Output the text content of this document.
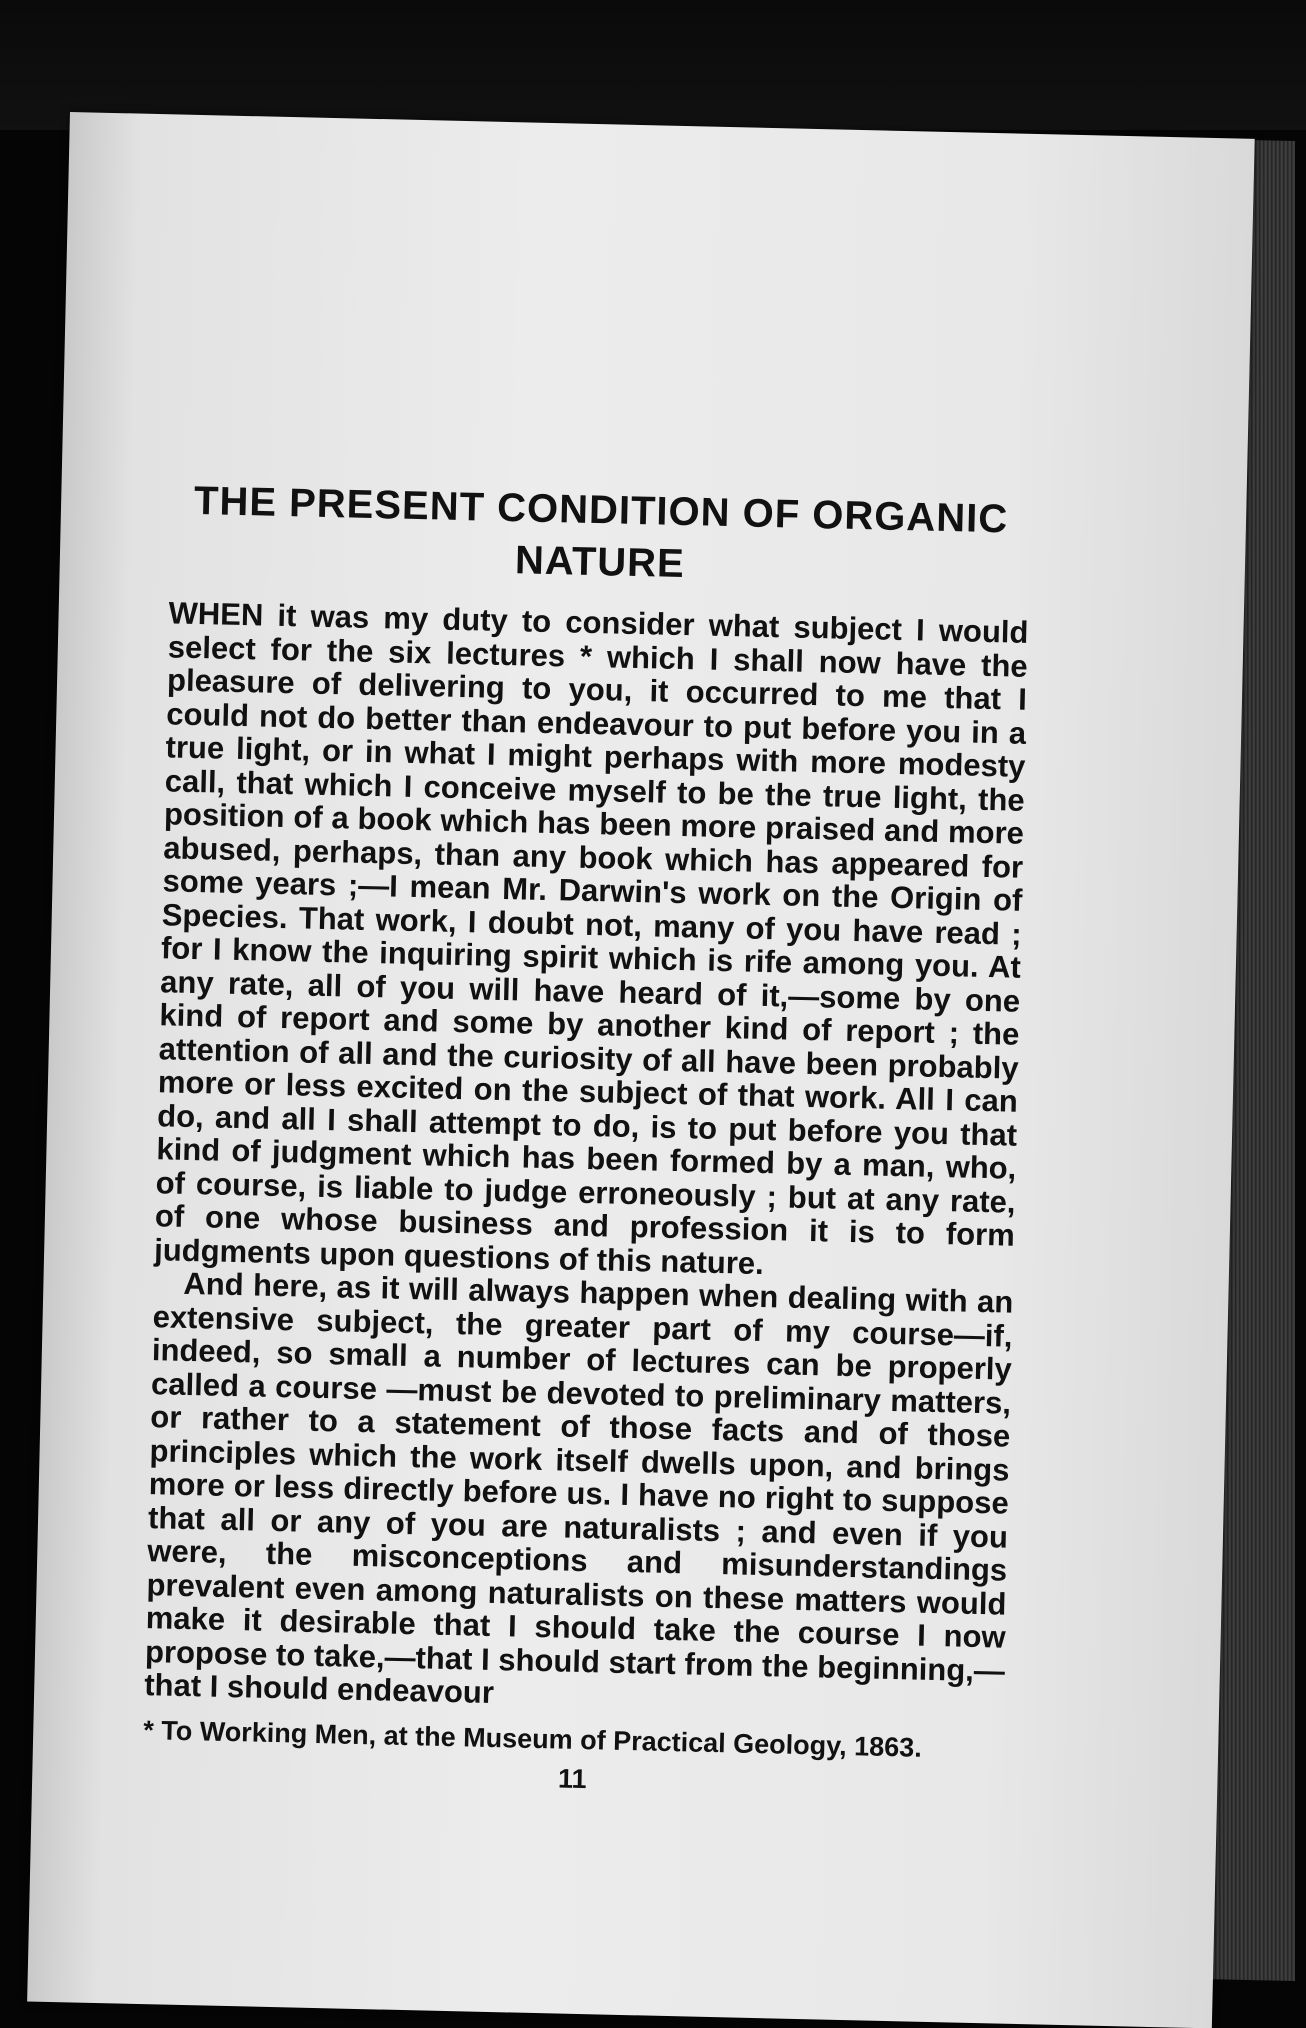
THE PRESENT CONDITION OF ORGANIC NATURE

WHEN it was my duty to consider what subject I would select for the six lectures * which I shall now have the pleasure of delivering to you, it occurred to me that I could not do better than endeavour to put before you in a true light, or in what I might perhaps with more modesty call, that which I conceive myself to be the true light, the position of a book which has been more praised and more abused, perhaps, than any book which has appeared for some years ;—I mean Mr. Darwin's work on the Origin of Species. That work, I doubt not, many of you have read ; for I know the inquiring spirit which is rife among you. At any rate, all of you will have heard of it,—some by one kind of report and some by another kind of report ; the attention of all and the curiosity of all have been probably more or less excited on the subject of that work. All I can do, and all I shall attempt to do, is to put before you that kind of judgment which has been formed by a man, who, of course, is liable to judge erroneously ; but at any rate, of one whose business and profession it is to form judgments upon questions of this nature.

And here, as it will always happen when dealing with an extensive subject, the greater part of my course—if, indeed, so small a number of lectures can be properly called a course —must be devoted to preliminary matters, or rather to a statement of those facts and of those principles which the work itself dwells upon, and brings more or less directly before us. I have no right to suppose that all or any of you are naturalists ; and even if you were, the misconceptions and misunderstandings prevalent even among naturalists on these matters would make it desirable that I should take the course I now propose to take,—that I should start from the beginning,—that I should endeavour

* To Working Men, at the Museum of Practical Geology, 1863.
11
